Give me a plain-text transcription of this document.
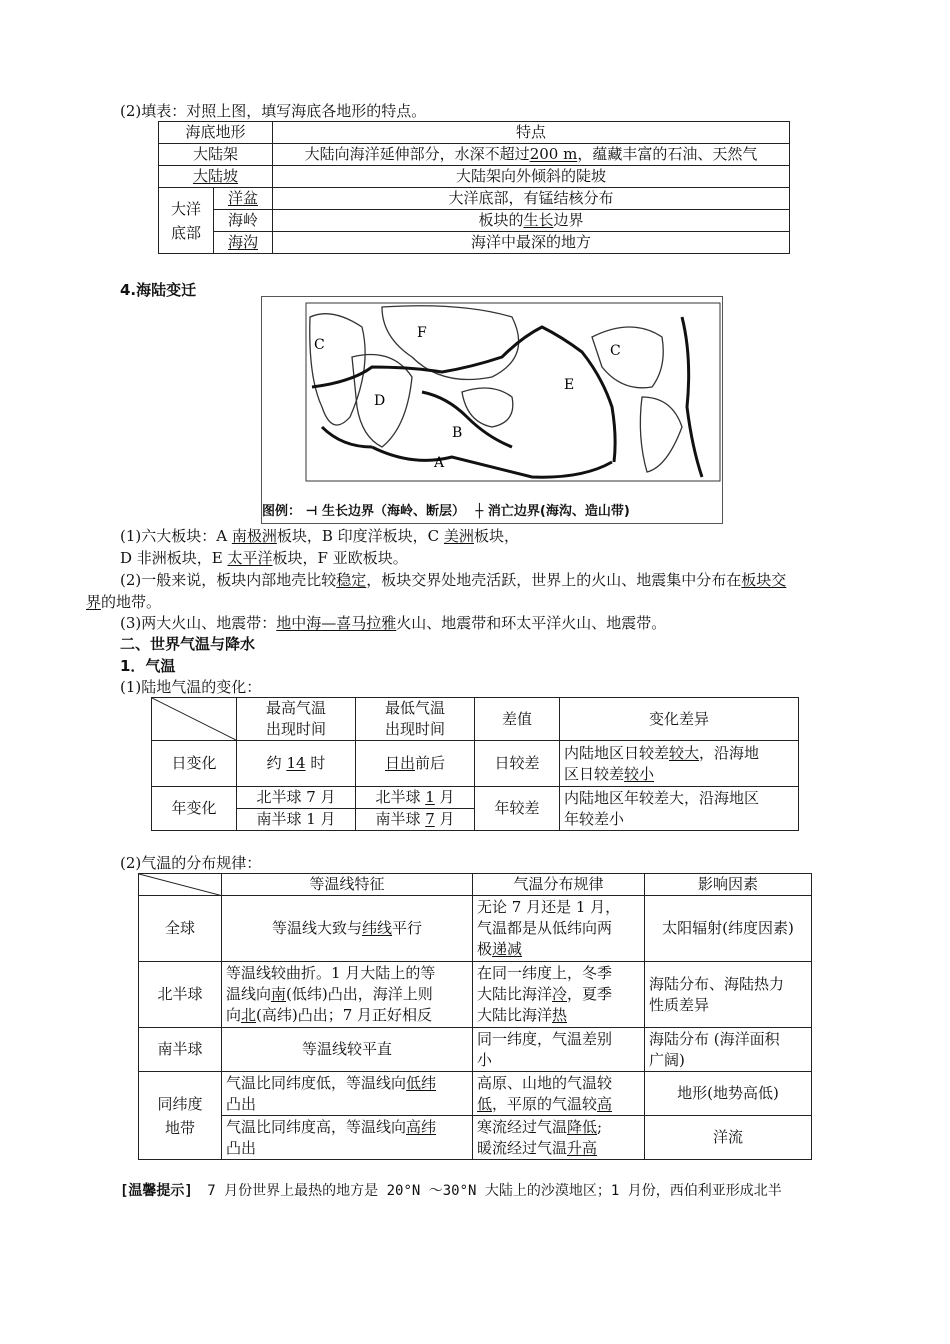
(2)填表：对照上图，填写海底各地形的特点。
海底地形		特点
大陆架		大陆向海洋延伸部分，水深不超过200 m，蕴藏丰富的石油、天然气
大陆坡		大陆架向外倾斜的陡坡
大洋
底部	洋盆	大洋底部，有锰结核分布
	海岭	板块的生长边界
	海沟	海洋中最深的地方
4.海陆变迁
F
C	C
E
D
B
A
图例： ⊣ 生长边界（海岭、断层） ┼ 消亡边界(海沟、造山带)
(1)六大板块：A 南极洲板块，B 印度洋板块，C 美洲板块，
D 非洲板块，E 太平洋板块，F 亚欧板块。
(2)一般来说，板块内部地壳比较稳定，板块交界处地壳活跃，世界上的火山、地震集中分布在板块交
界的地带。
(3)两大火山、地震带：地中海—喜马拉雅火山、地震带和环太平洋火山、地震带。
二、世界气温与降水
1．气温
(1)陆地气温的变化：
	最高气温
出现时间	最低气温
出现时间	差值	变化差异
日变化	约 14 时	日出前后	日较差	内陆地区日较差较大，沿海地
区日较差较小
年变化	北半球 7 月	北半球 1 月	年较差	内陆地区年较差大，沿海地区
年较差小
	南半球 1 月	南半球 7 月		
(2)气温的分布规律：
	等温线特征	气温分布规律	影响因素
全球	等温线大致与纬线平行	无论 7 月还是 1 月，
气温都是从低纬向两
极递减	太阳辐射(纬度因素)
北半球	等温线较曲折。1 月大陆上的等
温线向南(低纬)凸出，海洋上则
向北(高纬)凸出；7 月正好相反	在同一纬度上，冬季
大陆比海洋冷，夏季
大陆比海洋热	海陆分布、海陆热力
性质差异
南半球	等温线较平直	同一纬度，气温差别
小	海陆分布 (海洋面积
广阔)
同纬度
地带	气温比同纬度低，等温线向低纬
凸出	高原、山地的气温较
低，平原的气温较高	地形(地势高低)
	气温比同纬度高，等温线向高纬
凸出	寒流经过气温降低;
暖流经过气温升高	洋流
[温馨提示] 7 月份世界上最热的地方是 20°N ～30°N 大陆上的沙漠地区；1 月份，西伯利亚形成北半
